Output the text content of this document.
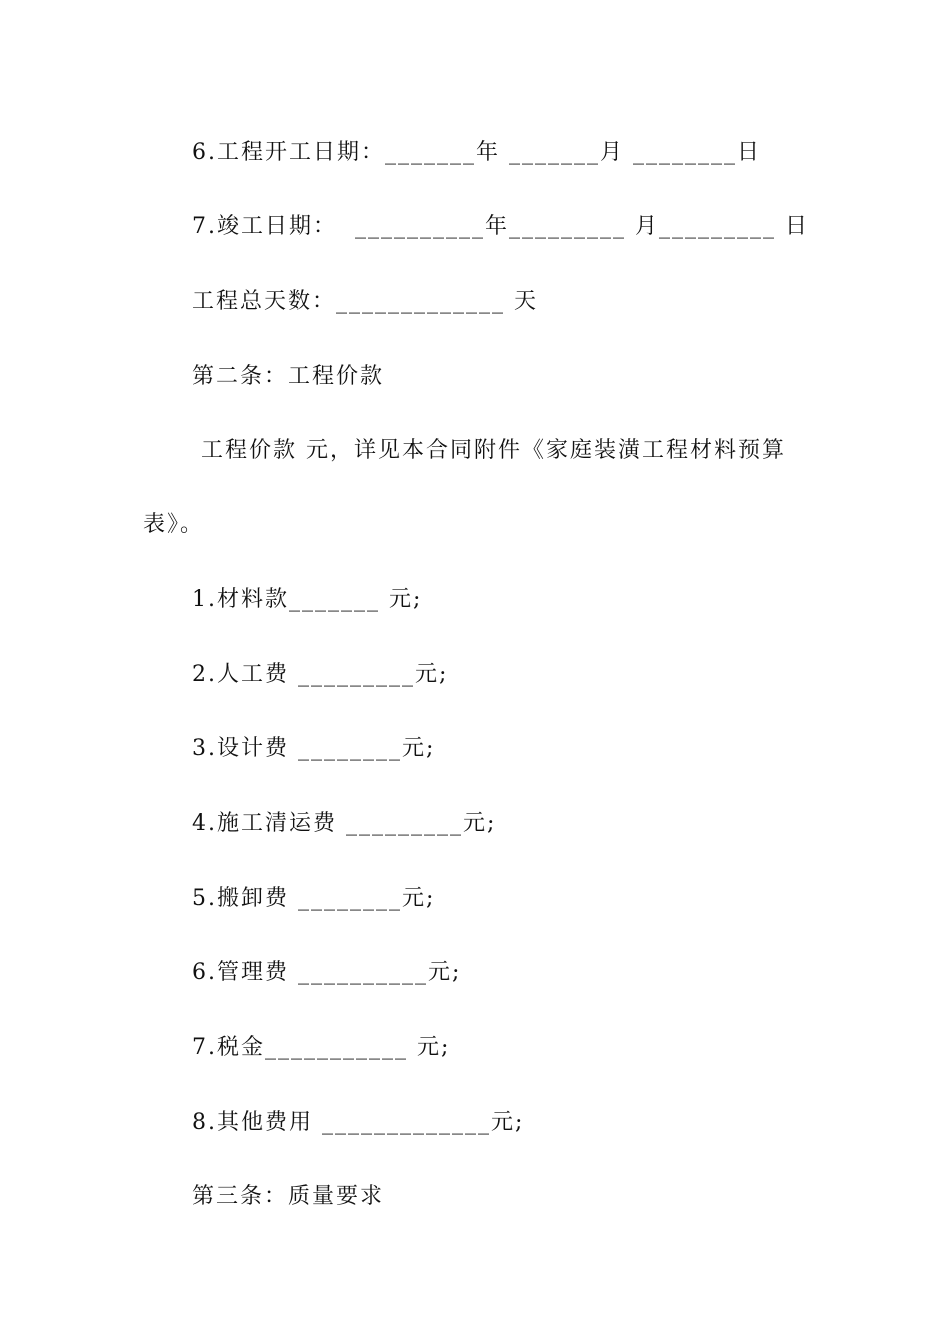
6.工程开工日期：_______年 _______月 ________日
7.竣工日期：  __________年_________ 月_________ 日
工程总天数：_____________ 天
第二条：工程价款
工程价款 元，详见本合同附件《家庭装潢工程材料预算
表》。
1.材料款_______ 元;
2.人工费 _________元;
3.设计费 ________元;
4.施工清运费 _________元;
5.搬卸费 ________元;
6.管理费 __________元;
7.税金___________ 元;
8.其他费用 _____________元;
第三条：质量要求
